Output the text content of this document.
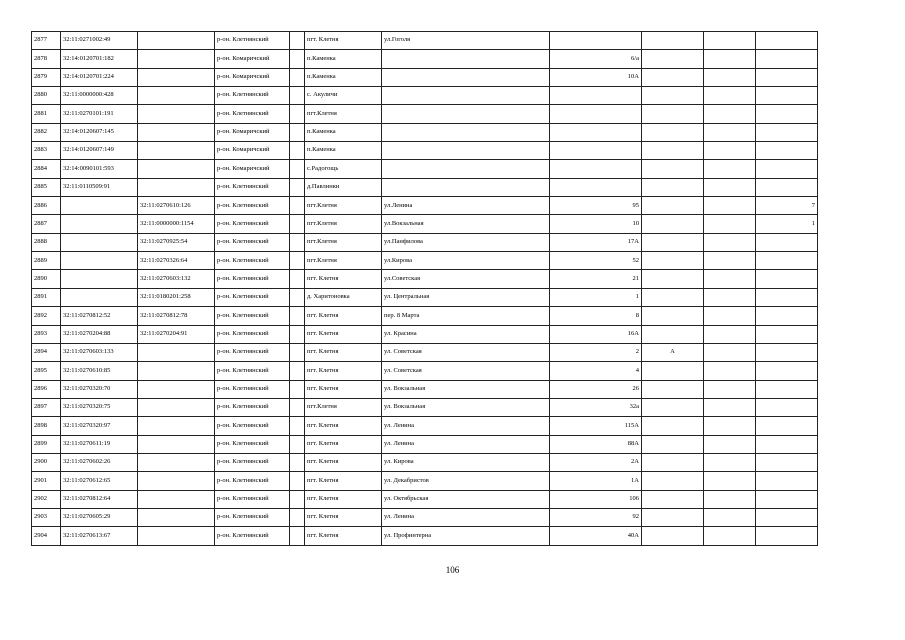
2877	32:11:0271002:49		р-он. Клетнянский		пгт. Клетня	ул.Гоголя				
2878	32:14:0120701:182		р-он. Комаричский		п.Каменка		6/а			
2879	32:14:0120701:224		р-он. Комаричский		п.Каменка		10А			
2880	32:11:0000000:428		р-он. Клетнянский		с. Акуличи					
2881	32:11:0270101:191		р-он. Клетнянский		пгт.Клетня					
2882	32:14:0120607:145		р-он. Комаричский		п.Каменка					
2883	32:14:0120607:149		р-он. Комаричский		п.Каменка					
2884	32:14:0090101:593		р-он. Комаричский		с.Радогощь					
2885	32:11:0110509:91		р-он. Клетнянский		д.Павлинки					
2886		32:11:0270610:126	р-он. Клетнянский		пгт.Клетня	ул.Ленина	95			7
2887		32:11:0000000:1154	р-он. Клетнянский		пгт.Клетня	ул.Вокзальная	10			1
2888		32:11:0270925:54	р-он. Клетнянский		пгт.Клетня	ул.Панфилова	17А			
2889		32:11:0270326:64	р-он. Клетнянский		пгт.Клетня	ул.Кирова	52			
2890		32:11:0270603:132	р-он. Клетнянский		пгт. Клетня	ул.Советская	21			
2891		32:11:0180201:258	р-он. Клетнянский		д. Харитоновка	ул. Центральная	1			
2892	32:11:0270812:52	32:11:0270812:78	р-он. Клетнянский		пгт. Клетня	пер. 8 Марта	8			
2893	32:11:0270204:88	32:11:0270204:91	р-он. Клетнянский		пгт. Клетня	ул. Красина	16А			
2894	32:11:0270603:133		р-он. Клетнянский		пгт. Клетня	ул. Советская	2	А		
2895	32:11:0270610:85		р-он. Клетнянский		пгт. Клетня	ул. Советская	4			
2896	32:11:0270320:70		р-он. Клетнянский		пгт. Клетня	ул. Вокзальная	26			
2897	32:11:0270320:75		р-он. Клетнянский		пгт.Клетня	ул. Вокзальная	32а			
2898	32:11:0270320:97		р-он. Клетнянский		пгт. Клетня	ул. Ленина	115А			
2899	32:11:0270611:19		р-он. Клетнянский		пгт. Клетня	ул. Ленина	88А			
2900	32:11:0270602:26		р-он. Клетнянский		пгт. Клетня	ул. Кирова	2А			
2901	32:11:0270612:65		р-он. Клетнянский		пгт. Клетня	ул. Декабристов	1А			
2902	32:11:0270812:64		р-он. Клетнянский		пгт. Клетня	ул. Октябрьская	106			
2903	32:11:0270605:29		р-он. Клетнянский		пгт. Клетня	ул. Ленина	92			
2904	32:11:0270613:67		р-он. Клетнянский		пгт. Клетня	ул. Профинтерна	40А			
106
